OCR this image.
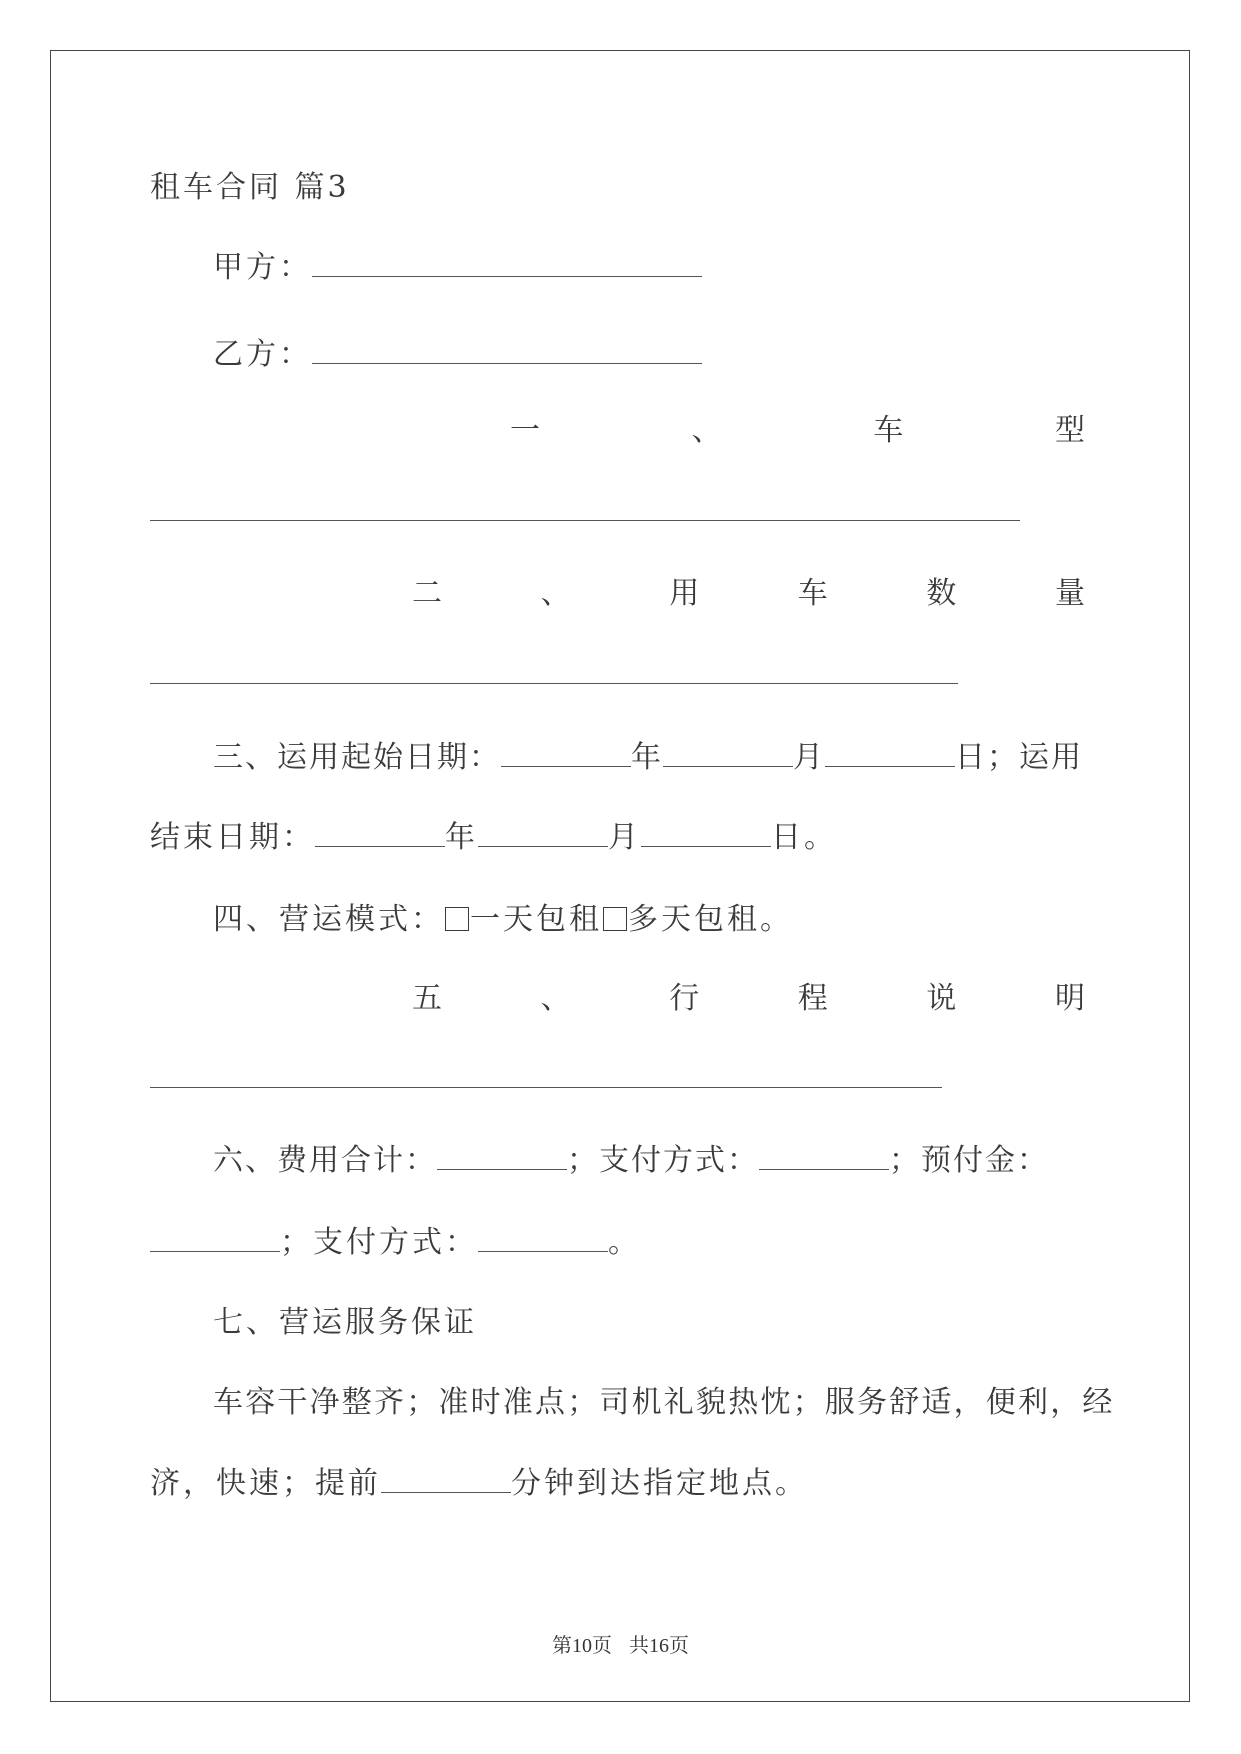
租车合同 篇3
甲方：
乙方：
一	、	车	型
二	、	用	车	数	量
三、运用起始日期：	年	月	日；运用
结束日期：	年	月	日。
四、营运模式： 一天包租 多天包租。
五	、	行	程	说	明
六、费用合计：	；支付方式：	；预付金：
；支付方式：	。
七、营运服务保证
车容干净整齐；准时准点；司机礼貌热忱；服务舒适，便利，经
济，快速；提前	分钟到达指定地点。
第10页 共16页
